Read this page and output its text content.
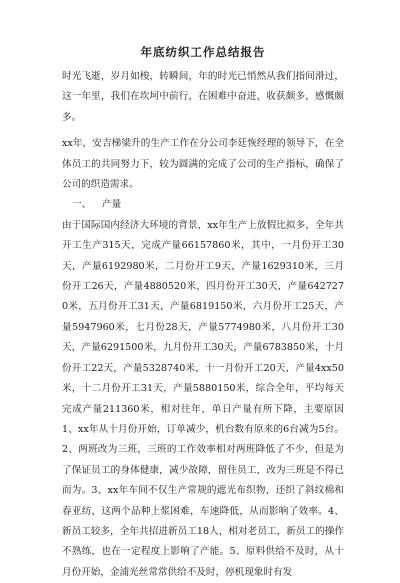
年底纺织工作总结报告

时光飞逝，岁月如梭，转瞬间，年的时光已悄然从我们指间滑过，这一年里，我们在坎坷中前行，在困难中奋进，收获颇多，感慨颇多。

xx年，安吉梯梁升的生产工作在分公司李廷恢经理的领导下，在全体员工的共同努力下，较为圆满的完成了公司的生产指标，确保了公司的织造需求。

一、 产量

由于国际国内经济大环境的背景，xx年生产上放假比拟多，全年共开工生产315天，完成产量66157860米，其中，一月份开工30天，产量6192980米，二月份开工9天，产量1629310米，三月份开工26天，产量4880520米，四月份开工30天，产量6427270米，五月份开工31天，产量6819150米，六月份开工25天，产量5947960米，七月份28天，产量5774980米，八月份开工30天，产量6291500米，九月份开工30天，产量6783850米，十月份开工22天，产量5328740米，十一月份开工20天，产量4xx50米，十二月份开工31天，产量5880150米，综合全年，平均每天完成产量211360米，相对往年，单日产量有所下降，主要原因1、xx年从十月份开始，订单减少，机台数有原来的6台减为5台。2、两班改为三班，三班的工作效率相对两班降低了不少，但是为了保证员工的身体健康，减少故障，留住员工，改为三班是不得已而为。3、xx年车间不仅生产常规的遮光布织物，还织了斜纹棉和春亚纺，这两个品种上浆困难，车速降低，从而影响了效率。4、新员工较多，全年共招进新员工18人，相对老员工，新员工的操作不熟练，也在一定程度上影响了产能。5、原料供给不及时，从十月份开始，金浦光丝常常供给不及时，停机现象时有发
